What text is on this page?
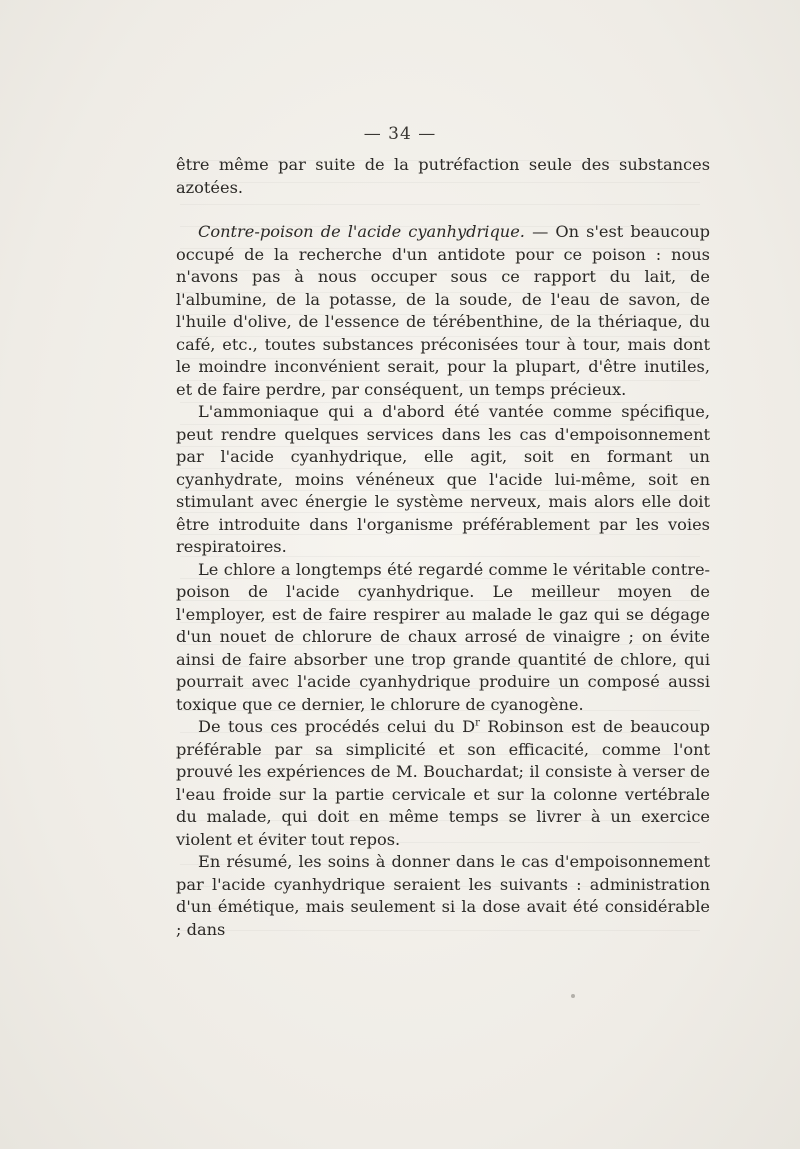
— 34 —

être même par suite de la putréfaction seule des substances azotées.

Contre-poison de l'acide cyanhydrique. — On s'est beaucoup occupé de la recherche d'un antidote pour ce poison : nous n'avons pas à nous occuper sous ce rapport du lait, de l'albumine, de la potasse, de la soude, de l'eau de savon, de l'huile d'olive, de l'essence de térébenthine, de la thériaque, du café, etc., toutes substances préconisées tour à tour, mais dont le moindre inconvénient serait, pour la plupart, d'être inutiles, et de faire perdre, par conséquent, un temps précieux.

L'ammoniaque qui a d'abord été vantée comme spécifique, peut rendre quelques services dans les cas d'empoisonnement par l'acide cyanhydrique, elle agit, soit en formant un cyanhydrate, moins vénéneux que l'acide lui-même, soit en stimulant avec énergie le système nerveux, mais alors elle doit être introduite dans l'organisme préférablement par les voies respiratoires.

Le chlore a longtemps été regardé comme le véritable contre-poison de l'acide cyanhydrique. Le meilleur moyen de l'employer, est de faire respirer au malade le gaz qui se dégage d'un nouet de chlorure de chaux arrosé de vinaigre ; on évite ainsi de faire absorber une trop grande quantité de chlore, qui pourrait avec l'acide cyanhydrique produire un composé aussi toxique que ce dernier, le chlorure de cyanogène.

De tous ces procédés celui du $D^r$ Robinson est de beaucoup préférable par sa simplicité et son efficacité, comme l'ont prouvé les expériences de M. Bouchardat; il consiste à verser de l'eau froide sur la partie cervicale et sur la colonne vertébrale du malade, qui doit en même temps se livrer à un exercice violent et éviter tout repos.

En résumé, les soins à donner dans le cas d'empoisonnement par l'acide cyanhydrique seraient les suivants : administration d'un émétique, mais seulement si la dose avait été considérable ; dans
